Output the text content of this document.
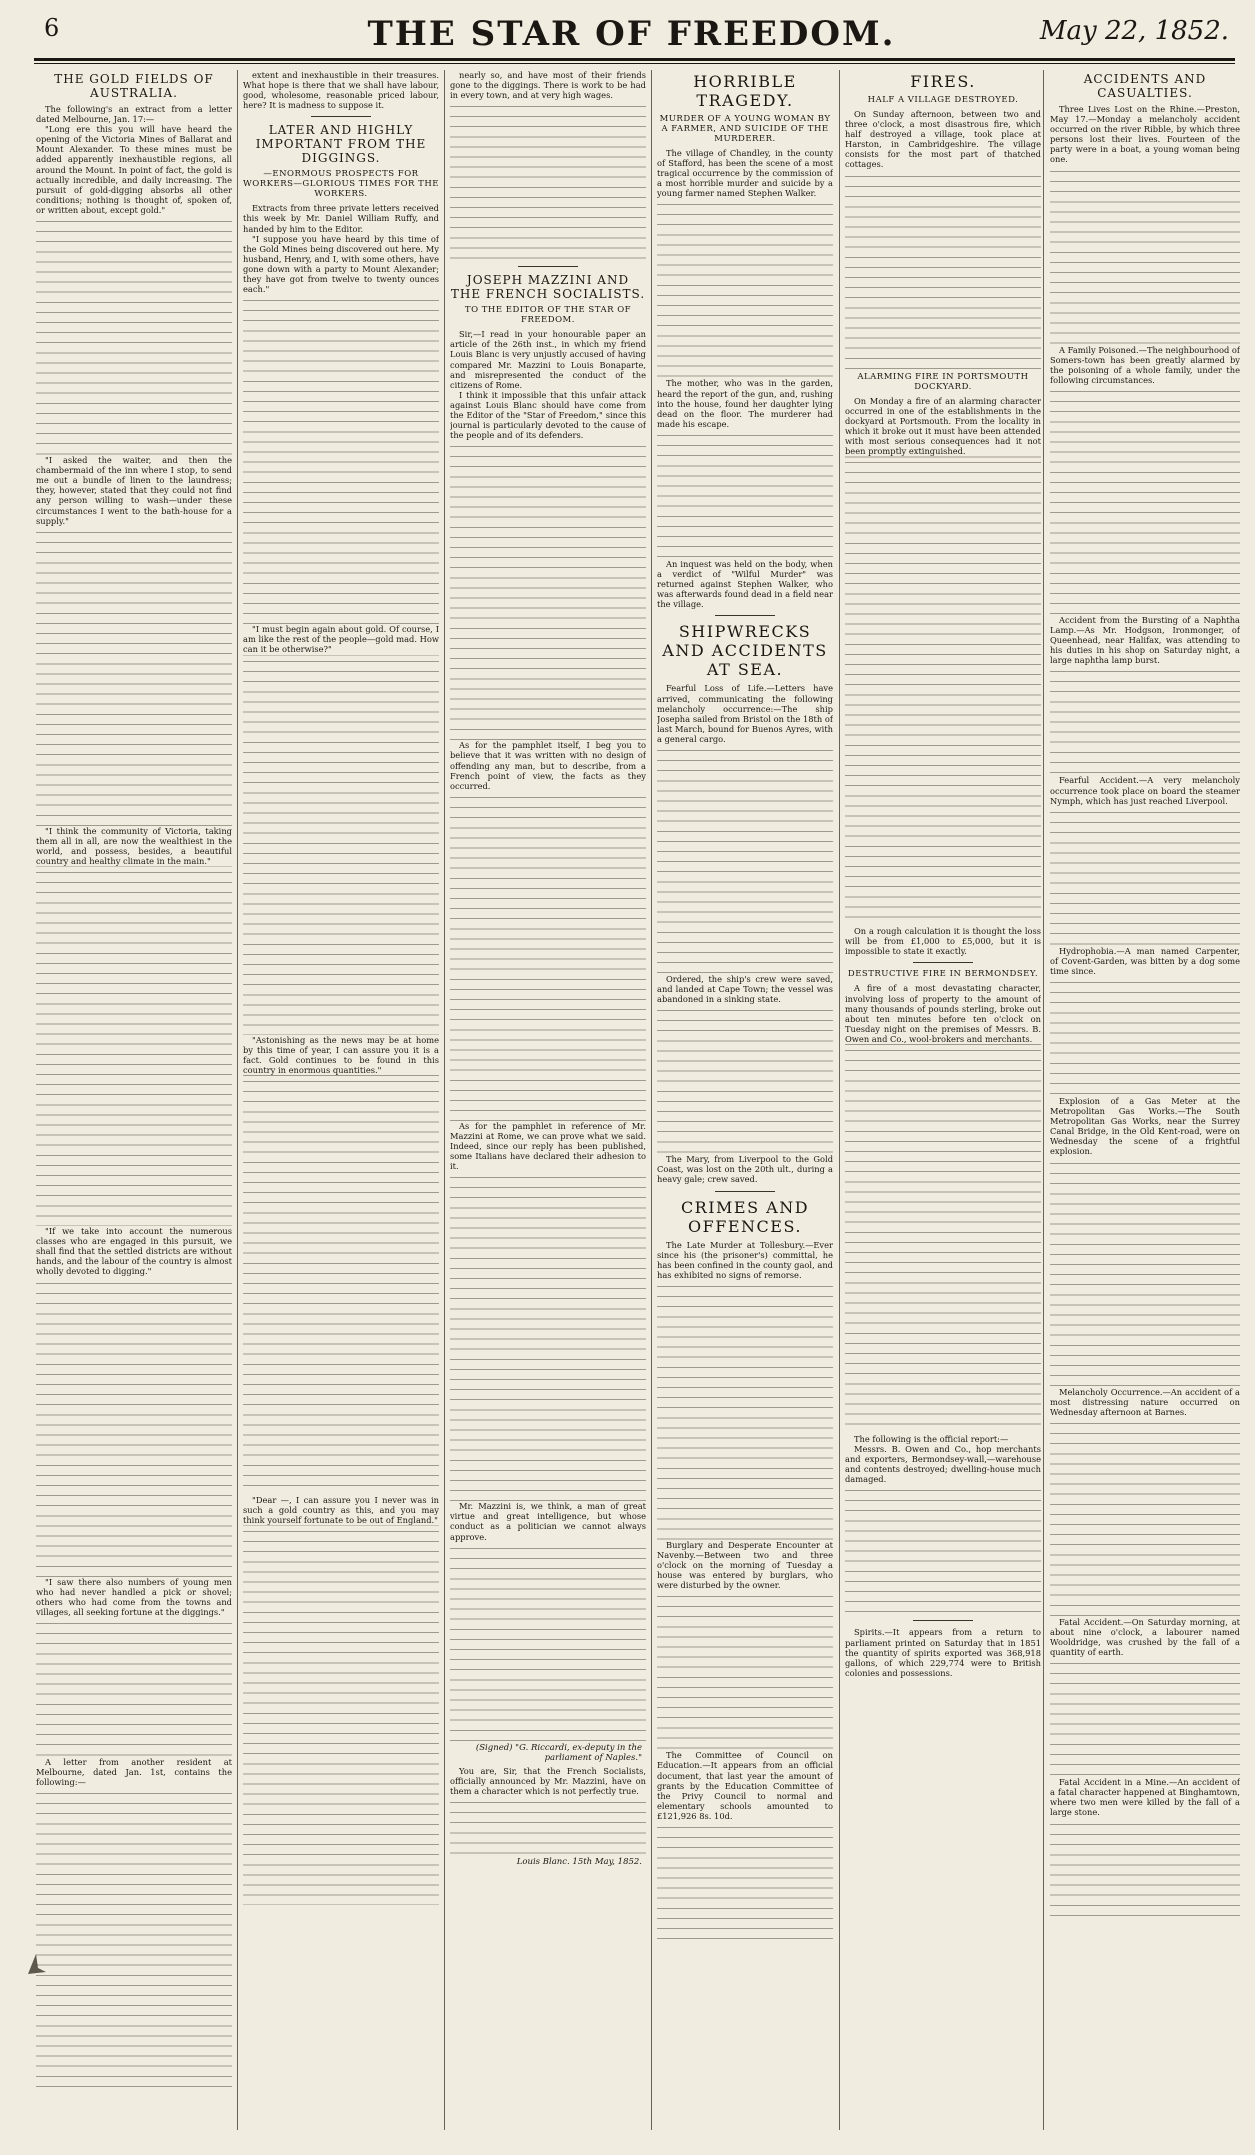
6	THE STAR OF FREEDOM.	May 22, 1852.
THE GOLD FIELDS OF AUSTRALIA.

The following's an extract from a letter dated Melbourne, Jan. 17:—

"Long ere this you will have heard the opening of the Victoria Mines of Ballarat and Mount Alexander. To these mines must be added apparently inexhaustible regions, all around the Mount. In point of fact, the gold is actually incredible, and daily increasing. The pursuit of gold-digging absorbs all other conditions; nothing is thought of, spoken of, or written about, except gold."

"I asked the waiter, and then the chambermaid of the inn where I stop, to send me out a bundle of linen to the laundress; they, however, stated that they could not find any person willing to wash—under these circumstances I went to the bath-house for a supply."

"I think the community of Victoria, taking them all in all, are now the wealthiest in the world, and possess, besides, a beautiful country and healthy climate in the main."

"If we take into account the numerous classes who are engaged in this pursuit, we shall find that the settled districts are without hands, and the labour of the country is almost wholly devoted to digging."

"I saw there also numbers of young men who had never handled a pick or shovel; others who had come from the towns and villages, all seeking fortune at the diggings."

A letter from another resident at Melbourne, dated Jan. 1st, contains the following:—

extent and inexhaustible in their treasures. What hope is there that we shall have labour, good, wholesome, reasonable priced labour, here? It is madness to suppose it.

LATER AND HIGHLY IMPORTANT FROM THE DIGGINGS.
—ENORMOUS PROSPECTS FOR WORKERS—GLORIOUS TIMES FOR THE WORKERS.

Extracts from three private letters received this week by Mr. Daniel William Ruffy, and handed by him to the Editor.

"I suppose you have heard by this time of the Gold Mines being discovered out here. My husband, Henry, and I, with some others, have gone down with a party to Mount Alexander; they have got from twelve to twenty ounces each."

"I must begin again about gold. Of course, I am like the rest of the people—gold mad. How can it be otherwise?"

"Astonishing as the news may be at home by this time of year, I can assure you it is a fact. Gold continues to be found in this country in enormous quantities."

"Dear —, I can assure you I never was in such a gold country as this, and you may think yourself fortunate to be out of England."

nearly so, and have most of their friends gone to the diggings. There is work to be had in every town, and at very high wages.

JOSEPH MAZZINI AND THE FRENCH SOCIALISTS.
TO THE EDITOR OF THE STAR OF FREEDOM.

Sir,—I read in your honourable paper an article of the 26th inst., in which my friend Louis Blanc is very unjustly accused of having compared Mr. Mazzini to Louis Bonaparte, and misrepresented the conduct of the citizens of Rome.

I think it impossible that this unfair attack against Louis Blanc should have come from the Editor of the "Star of Freedom," since this journal is particularly devoted to the cause of the people and of its defenders.

As for the pamphlet itself, I beg you to believe that it was written with no design of offending any man, but to describe, from a French point of view, the facts as they occurred.

As for the pamphlet in reference of Mr. Mazzini at Rome, we can prove what we said. Indeed, since our reply has been published, some Italians have declared their adhesion to it.

Mr. Mazzini is, we think, a man of great virtue and great intelligence, but whose conduct as a politician we cannot always approve.

(Signed) "G. Riccardi, ex-deputy in the parliament of Naples."

You are, Sir, that the French Socialists, officially announced by Mr. Mazzini, have on them a character which is not perfectly true.

Louis Blanc. 15th May, 1852.
HORRIBLE TRAGEDY.
MURDER OF A YOUNG WOMAN BY A FARMER, AND SUICIDE OF THE MURDERER.

The village of Chandley, in the county of Stafford, has been the scene of a most tragical occurrence by the commission of a most horrible murder and suicide by a young farmer named Stephen Walker.

The mother, who was in the garden, heard the report of the gun, and, rushing into the house, found her daughter lying dead on the floor. The murderer had made his escape.

An inquest was held on the body, when a verdict of "Wilful Murder" was returned against Stephen Walker, who was afterwards found dead in a field near the village.

SHIPWRECKS AND ACCIDENTS AT SEA.

Fearful Loss of Life.—Letters have arrived, communicating the following melancholy occurrence:—The ship Josepha sailed from Bristol on the 18th of last March, bound for Buenos Ayres, with a general cargo.

Ordered, the ship's crew were saved, and landed at Cape Town; the vessel was abandoned in a sinking state.

The Mary, from Liverpool to the Gold Coast, was lost on the 20th ult., during a heavy gale; crew saved.

CRIMES AND OFFENCES.

The Late Murder at Tollesbury.—Ever since his (the prisoner's) committal, he has been confined in the county gaol, and has exhibited no signs of remorse.

Burglary and Desperate Encounter at Navenby.—Between two and three o'clock on the morning of Tuesday a house was entered by burglars, who were disturbed by the owner.

The Committee of Council on Education.—It appears from an official document, that last year the amount of grants by the Education Committee of the Privy Council to normal and elementary schools amounted to £121,926 8s. 10d.

FIRES.
HALF A VILLAGE DESTROYED.

On Sunday afternoon, between two and three o'clock, a most disastrous fire, which half destroyed a village, took place at Harston, in Cambridgeshire. The village consists for the most part of thatched cottages.

ALARMING FIRE IN PORTSMOUTH DOCKYARD.

On Monday a fire of an alarming character occurred in one of the establishments in the dockyard at Portsmouth. From the locality in which it broke out it must have been attended with most serious consequences had it not been promptly extinguished.

On a rough calculation it is thought the loss will be from £1,000 to £5,000, but it is impossible to state it exactly.

DESTRUCTIVE FIRE IN BERMONDSEY.

A fire of a most devastating character, involving loss of property to the amount of many thousands of pounds sterling, broke out about ten minutes before ten o'clock on Tuesday night on the premises of Messrs. B. Owen and Co., wool-brokers and merchants.

The following is the official report:—

Messrs. B. Owen and Co., hop merchants and exporters, Bermondsey-wall,—warehouse and contents destroyed; dwelling-house much damaged.

Spirits.—It appears from a return to parliament printed on Saturday that in 1851 the quantity of spirits exported was 368,918 gallons, of which 229,774 were to British colonies and possessions.

ACCIDENTS AND CASUALTIES.

Three Lives Lost on the Rhine.—Preston, May 17.—Monday a melancholy accident occurred on the river Ribble, by which three persons lost their lives. Fourteen of the party were in a boat, a young woman being one.

A Family Poisoned.—The neighbourhood of Somers-town has been greatly alarmed by the poisoning of a whole family, under the following circumstances.

Accident from the Bursting of a Naphtha Lamp.—As Mr. Hodgson, Ironmonger, of Queenhead, near Halifax, was attending to his duties in his shop on Saturday night, a large naphtha lamp burst.

Fearful Accident.—A very melancholy occurrence took place on board the steamer Nymph, which has just reached Liverpool.

Hydrophobia.—A man named Carpenter, of Covent-Garden, was bitten by a dog some time since.

Explosion of a Gas Meter at the Metropolitan Gas Works.—The South Metropolitan Gas Works, near the Surrey Canal Bridge, in the Old Kent-road, were on Wednesday the scene of a frightful explosion.

Melancholy Occurrence.—An accident of a most distressing nature occurred on Wednesday afternoon at Barnes.

Fatal Accident.—On Saturday morning, at about nine o'clock, a labourer named Wooldridge, was crushed by the fall of a quantity of earth.

Fatal Accident in a Mine.—An accident of a fatal character happened at Binghamtown, where two men were killed by the fall of a large stone.
